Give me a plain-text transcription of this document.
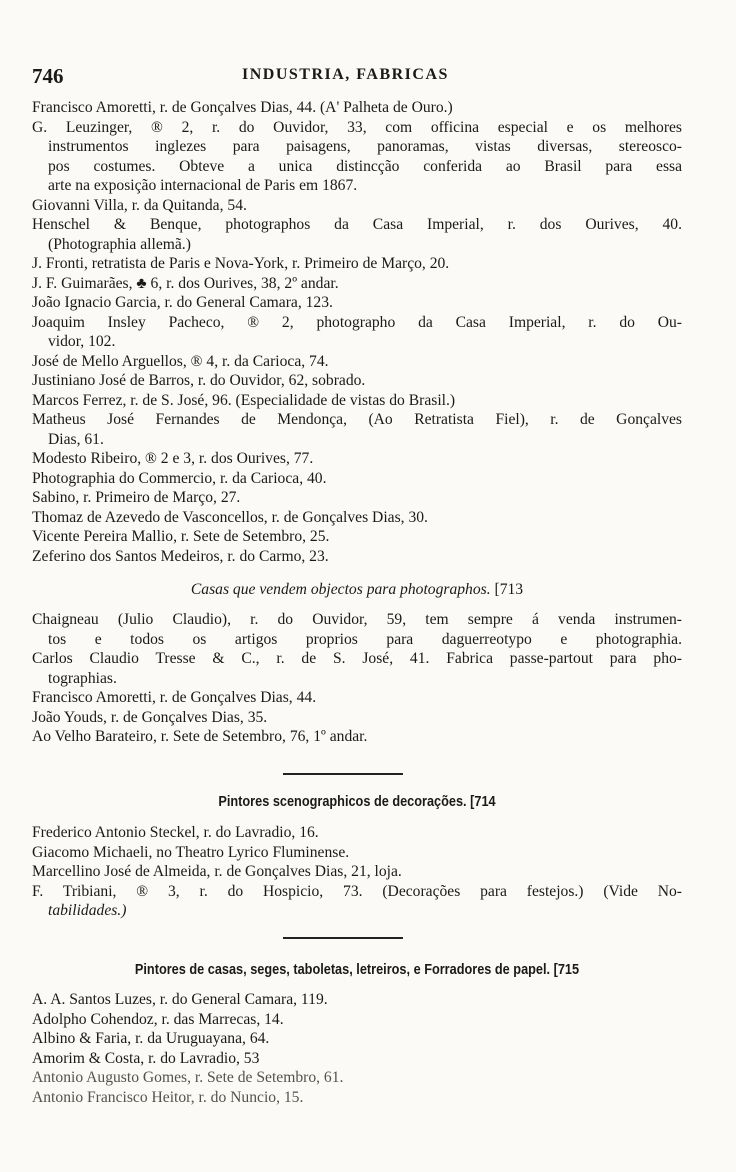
746	INDUSTRIA, FABRICAS
Francisco Amoretti, r. de Gonçalves Dias, 44. (A' Palheta de Ouro.)
G. Leuzinger, ® 2, r. do Ouvidor, 33, com officina especial e os melhores
instrumentos inglezes para paisagens, panoramas, vistas diversas, stereosco-
pos costumes. Obteve a unica distincção conferida ao Brasil para essa
arte na exposição internacional de Paris em 1867.
Giovanni Villa, r. da Quitanda, 54.
Henschel & Benque, photographos da Casa Imperial, r. dos Ourives, 40.
(Photographia allemã.)
J. Fronti, retratista de Paris e Nova-York, r. Primeiro de Março, 20.
J. F. Guimarães, ♣ 6, r. dos Ourives, 38, 2º andar.
João Ignacio Garcia, r. do General Camara, 123.
Joaquim Insley Pacheco, ® 2, photographo da Casa Imperial, r. do Ou-
vidor, 102.
José de Mello Arguellos, ® 4, r. da Carioca, 74.
Justiniano José de Barros, r. do Ouvidor, 62, sobrado.
Marcos Ferrez, r. de S. José, 96. (Especialidade de vistas do Brasil.)
Matheus José Fernandes de Mendonça, (Ao Retratista Fiel), r. de Gonçalves
Dias, 61.
Modesto Ribeiro, ® 2 e 3, r. dos Ourives, 77.
Photographia do Commercio, r. da Carioca, 40.
Sabino, r. Primeiro de Março, 27.
Thomaz de Azevedo de Vasconcellos, r. de Gonçalves Dias, 30.
Vicente Pereira Mallio, r. Sete de Setembro, 25.
Zeferino dos Santos Medeiros, r. do Carmo, 23.
Casas que vendem objectos para photographos. [713
Chaigneau (Julio Claudio), r. do Ouvidor, 59, tem sempre á venda instrumen-
tos e todos os artigos proprios para daguerreotypo e photographia.
Carlos Claudio Tresse & C., r. de S. José, 41. Fabrica passe-partout para pho-
tographias.
Francisco Amoretti, r. de Gonçalves Dias, 44.
João Youds, r. de Gonçalves Dias, 35.
Ao Velho Barateiro, r. Sete de Setembro, 76, 1º andar.
Pintores scenographicos de decorações. [714
Frederico Antonio Steckel, r. do Lavradio, 16.
Giacomo Michaeli, no Theatro Lyrico Fluminense.
Marcellino José de Almeida, r. de Gonçalves Dias, 21, loja.
F. Tribiani, ® 3, r. do Hospicio, 73. (Decorações para festejos.) (Vide No-
tabilidades.)
Pintores de casas, seges, taboletas, letreiros, e Forradores de papel. [715
A. A. Santos Luzes, r. do General Camara, 119.
Adolpho Cohendoz, r. das Marrecas, 14.
Albino & Faria, r. da Uruguayana, 64.
Amorim & Costa, r. do Lavradio, 53
Antonio Augusto Gomes, r. Sete de Setembro, 61.
Antonio Francisco Heitor, r. do Nuncio, 15.
